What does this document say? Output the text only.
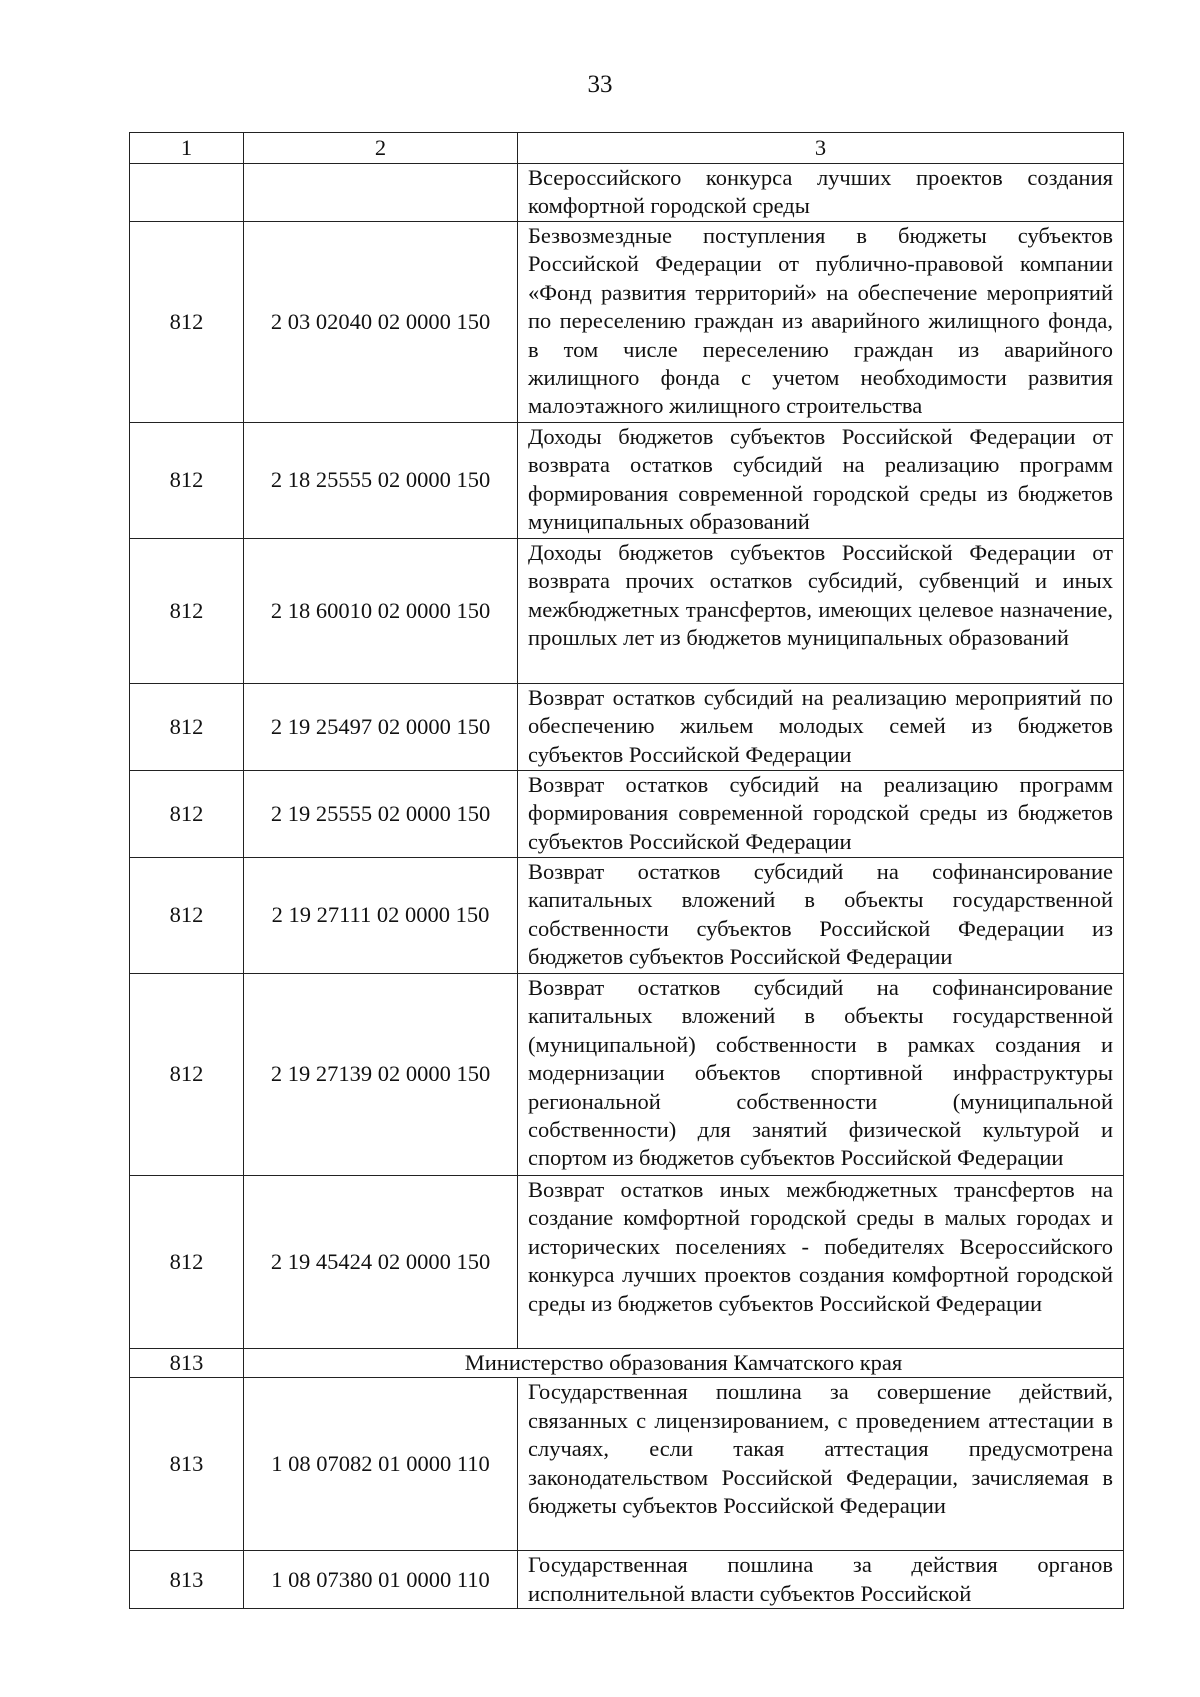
33
1	2	3
		Всероссийского конкурса лучших проектов создания комфортной городской среды
812	2 03 02040 02 0000 150	Безвозмездные поступления в бюджеты субъектов Российской Федерации от публично-правовой компании «Фонд развития территорий» на обеспечение мероприятий по переселению граждан из аварийного жилищного фонда, в том числе переселению граждан из аварийного жилищного фонда с учетом необходимости развития малоэтажного жилищного строительства
812	2 18 25555 02 0000 150	Доходы бюджетов субъектов Российской Федерации от возврата остатков субсидий на реализацию программ формирования современной городской среды из бюджетов муниципальных образований
812	2 18 60010 02 0000 150	Доходы бюджетов субъектов Российской Федерации от возврата прочих остатков субсидий, субвенций и иных межбюджетных трансфертов, имеющих целевое назначение, прошлых лет из бюджетов муниципальных образований
812	2 19 25497 02 0000 150	Возврат остатков субсидий на реализацию мероприятий по обеспечению жильем молодых семей из бюджетов субъектов Российской Федерации
812	2 19 25555 02 0000 150	Возврат остатков субсидий на реализацию программ формирования современной городской среды из бюджетов субъектов Российской Федерации
812	2 19 27111 02 0000 150	Возврат остатков субсидий на софинансирование капитальных вложений в объекты государственной собственности субъектов Российской Федерации из бюджетов субъектов Российской Федерации
812	2 19 27139 02 0000 150	Возврат остатков субсидий на софинансирование капитальных вложений в объекты государственной (муниципальной) собственности в рамках создания и модернизации объектов спортивной инфраструктуры региональной собственности (муниципальной собственности) для занятий физической культурой и спортом из бюджетов субъектов Российской Федерации
812	2 19 45424 02 0000 150	Возврат остатков иных межбюджетных трансфертов на создание комфортной городской среды в малых городах и исторических поселениях - победителях Всероссийского конкурса лучших проектов создания комфортной городской среды из бюджетов субъектов Российской Федерации
813	Министерство образования Камчатского края	
813	1 08 07082 01 0000 110	Государственная пошлина за совершение действий, связанных с лицензированием, с проведением аттестации в случаях, если такая аттестация предусмотрена законодательством Российской Федерации, зачисляемая в бюджеты субъектов Российской Федерации
813	1 08 07380 01 0000 110	Государственная пошлина за действия органов исполнительной власти субъектов Российской
